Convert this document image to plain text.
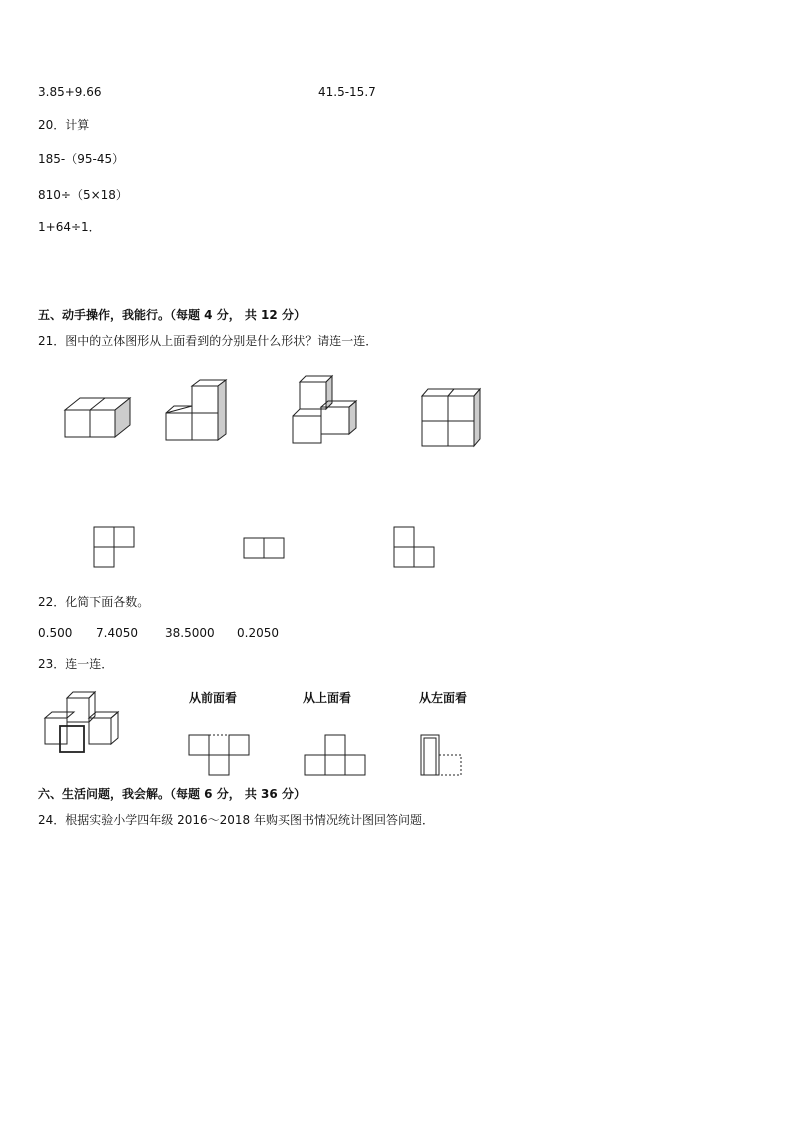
3.85+9.66	41.5-15.7
20．计算
185-（95-45）
810÷（5×18）
1+64÷1．
五、动手操作，我能行。（每题 4 分， 共 12 分）
21．图中的立体图形从上面看到的分别是什么形状？请连一连．
22．化简下面各数。
0.500 7.4050 38.5000 0.2050
23．连一连．
从前面看	从上面看	从左面看
六、生活问题，我会解。（每题 6 分， 共 36 分）
24．根据实验小学四年级 2016～2018 年购买图书情况统计图回答问题．
